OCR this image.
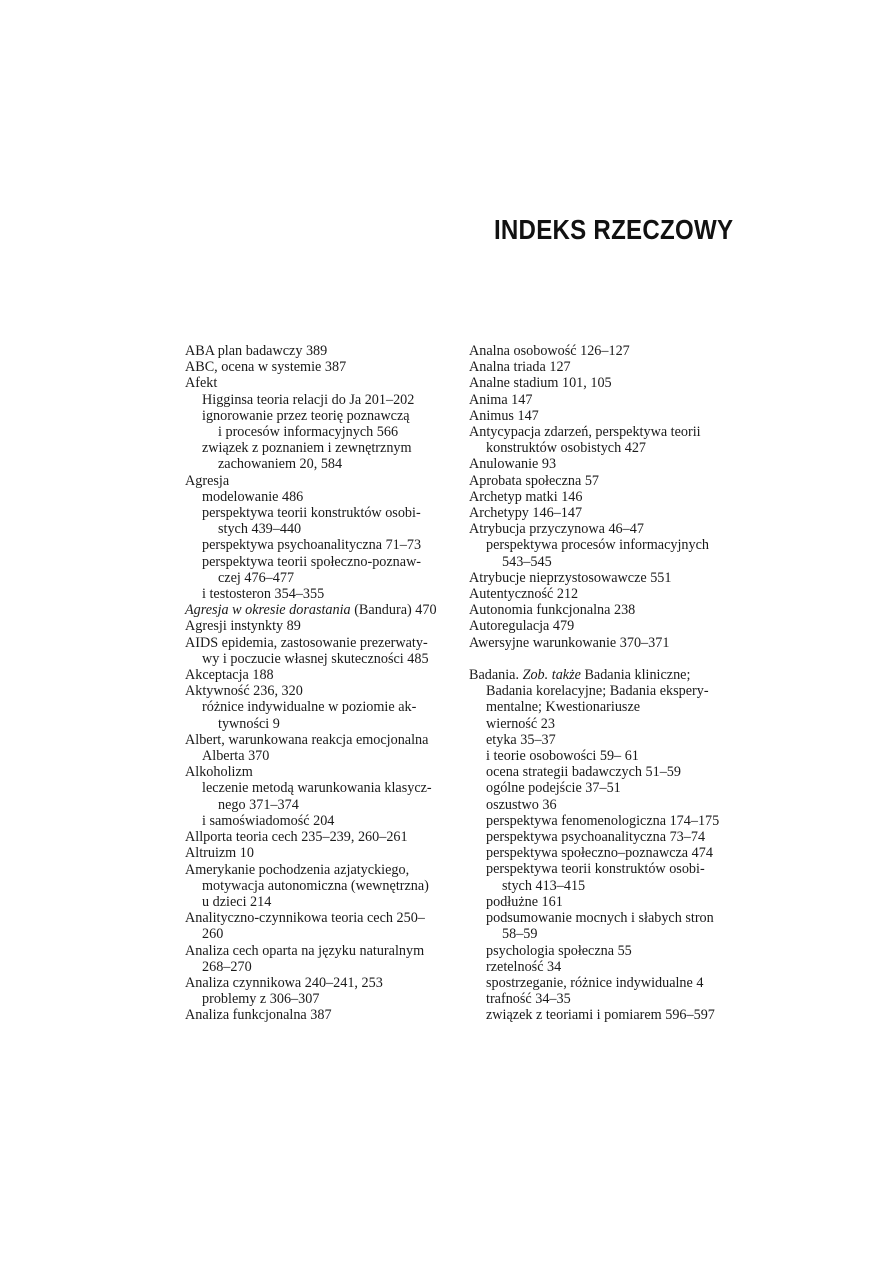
INDEKS RZECZOWY
ABA plan badawczy 389
ABC, ocena w systemie 387
Afekt
Higginsa teoria relacji do Ja 201–202
ignorowanie przez teorię poznawczą
i procesów informacyjnych 566
związek z poznaniem i zewnętrznym
zachowaniem 20, 584
Agresja
modelowanie 486
perspektywa teorii konstruktów osobi-
stych 439–440
perspektywa psychoanalityczna 71–73
perspektywa teorii społeczno-poznaw-
czej 476–477
i testosteron 354–355
Agresja w okresie dorastania (Bandura) 470
Agresji instynkty 89
AIDS epidemia, zastosowanie prezerwaty-
wy i poczucie własnej skuteczności 485
Akceptacja 188
Aktywność 236, 320
różnice indywidualne w poziomie ak-
tywności 9
Albert, warunkowana reakcja emocjonalna
Alberta 370
Alkoholizm
leczenie metodą warunkowania klasycz-
nego 371–374
i samoświadomość 204
Allporta teoria cech 235–239, 260–261
Altruizm 10
Amerykanie pochodzenia azjatyckiego,
motywacja autonomiczna (wewnętrzna)
u dzieci 214
Analityczno-czynnikowa teoria cech 250–
260
Analiza cech oparta na języku naturalnym
268–270
Analiza czynnikowa 240–241, 253
problemy z 306–307
Analiza funkcjonalna 387
Analna osobowość 126–127
Analna triada 127
Analne stadium 101, 105
Anima 147
Animus 147
Antycypacja zdarzeń, perspektywa teorii
konstruktów osobistych 427
Anulowanie 93
Aprobata społeczna 57
Archetyp matki 146
Archetypy 146–147
Atrybucja przyczynowa 46–47
perspektywa procesów informacyjnych
543–545
Atrybucje nieprzystosowawcze 551
Autentyczność 212
Autonomia funkcjonalna 238
Autoregulacja 479
Awersyjne warunkowanie 370–371
Badania. Zob. także Badania kliniczne;
Badania korelacyjne; Badania ekspery-
mentalne; Kwestionariusze
wierność 23
etyka 35–37
i teorie osobowości 59– 61
ocena strategii badawczych 51–59
ogólne podejście 37–51
oszustwo 36
perspektywa fenomenologiczna 174–175
perspektywa psychoanalityczna 73–74
perspektywa społeczno–poznawcza 474
perspektywa teorii konstruktów osobi-
stych 413–415
podłużne 161
podsumowanie mocnych i słabych stron
58–59
psychologia społeczna 55
rzetelność 34
spostrzeganie, różnice indywidualne 4
trafność 34–35
związek z teoriami i pomiarem 596–597
